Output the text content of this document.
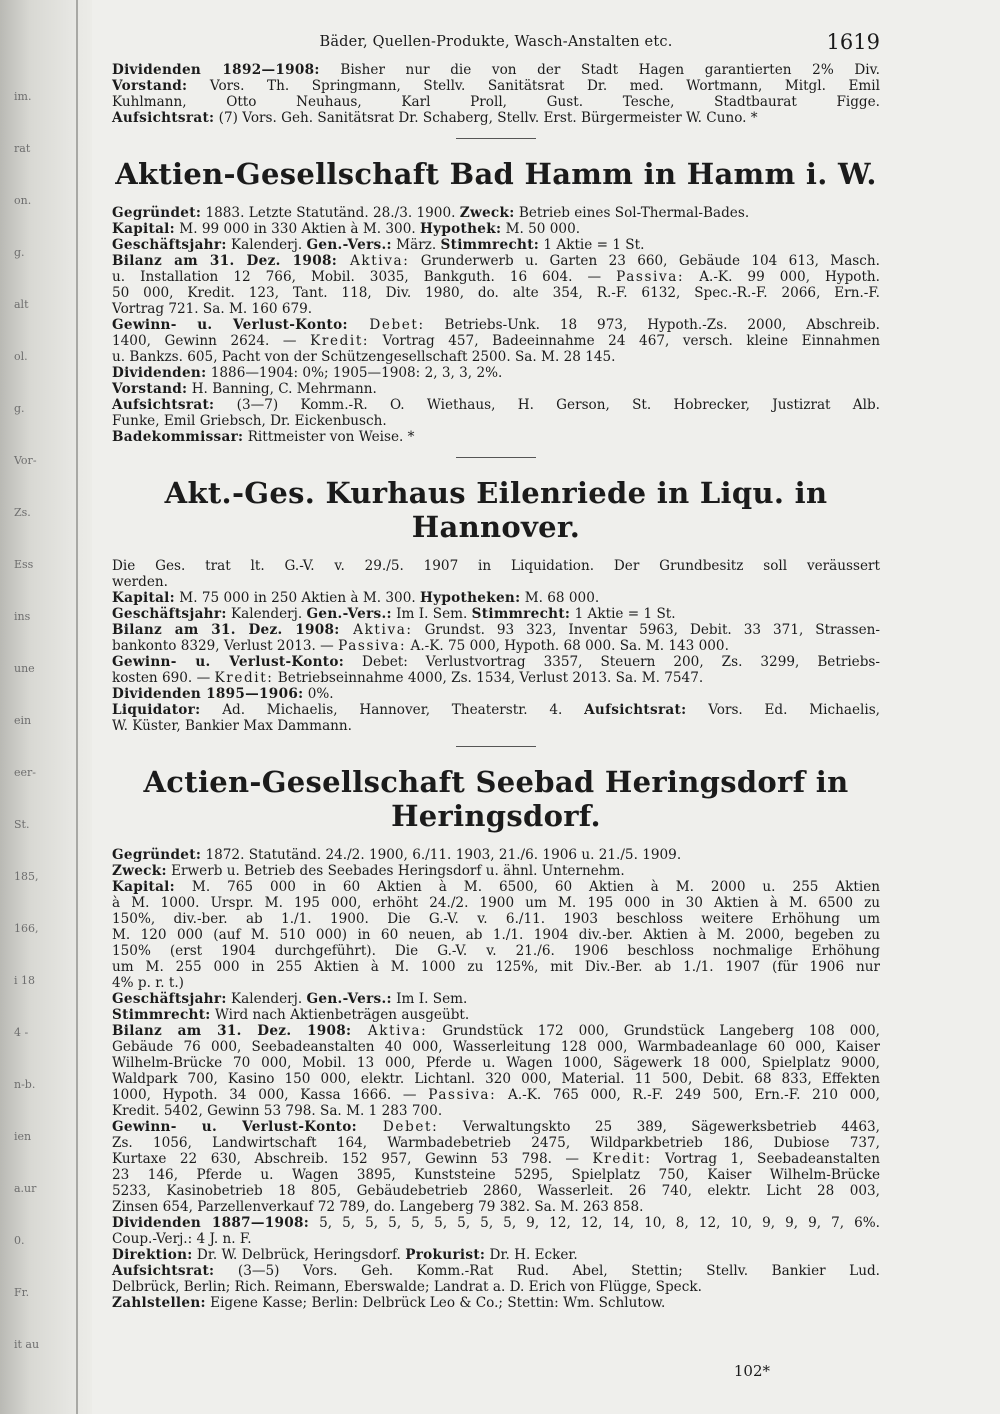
im.
rat
on.
g.
alt
ol.
g.
Vor-
Zs.
Ess
ins
une
ein
eer-
St.
185,
166,
i 18
4 -
n-b.
ien
a.ur
0.
Fr.
it au
Bäder, Quellen-Produkte, Wasch-Anstalten etc.	1619

Dividenden 1892—1908: Bisher nur die von der Stadt Hagen garantierten 2% Div.

Vorstand: Vors. Th. Springmann, Stellv. Sanitätsrat Dr. med. Wortmann, Mitgl. Emil

Kuhlmann, Otto Neuhaus, Karl Proll, Gust. Tesche, Stadtbaurat Figge.

Aufsichtsrat: (7) Vors. Geh. Sanitätsrat Dr. Schaberg, Stellv. Erst. Bürgermeister W. Cuno. *

Aktien-Gesellschaft Bad Hamm in Hamm i. W.

Gegründet: 1883. Letzte Statutänd. 28./3. 1900. Zweck: Betrieb eines Sol-Thermal-Bades.

Kapital: M. 99 000 in 330 Aktien à M. 300. Hypothek: M. 50 000.

Geschäftsjahr: Kalenderj. Gen.-Vers.: März. Stimmrecht: 1 Aktie = 1 St.

Bilanz am 31. Dez. 1908: Aktiva: Grunderwerb u. Garten 23 660, Gebäude 104 613, Masch.

u. Installation 12 766, Mobil. 3035, Bankguth. 16 604. — Passiva: A.-K. 99 000, Hypoth.

50 000, Kredit. 123, Tant. 118, Div. 1980, do. alte 354, R.-F. 6132, Spec.-R.-F. 2066, Ern.-F.

Vortrag 721. Sa. M. 160 679.

Gewinn- u. Verlust-Konto: Debet: Betriebs-Unk. 18 973, Hypoth.-Zs. 2000, Abschreib.

1400, Gewinn 2624. — Kredit: Vortrag 457, Badeeinnahme 24 467, versch. kleine Einnahmen

u. Bankzs. 605, Pacht von der Schützengesellschaft 2500. Sa. M. 28 145.

Dividenden: 1886—1904: 0%; 1905—1908: 2, 3, 3, 2%.

Vorstand: H. Banning, C. Mehrmann.

Aufsichtsrat: (3—7) Komm.-R. O. Wiethaus, H. Gerson, St. Hobrecker, Justizrat Alb.

Funke, Emil Griebsch, Dr. Eickenbusch.

Badekommissar: Rittmeister von Weise. *

Akt.-Ges. Kurhaus Eilenriede in Liqu. in Hannover.

Die Ges. trat lt. G.-V. v. 29./5. 1907 in Liquidation. Der Grundbesitz soll veräussert

werden.

Kapital: M. 75 000 in 250 Aktien à M. 300. Hypotheken: M. 68 000.

Geschäftsjahr: Kalenderj. Gen.-Vers.: Im I. Sem. Stimmrecht: 1 Aktie = 1 St.

Bilanz am 31. Dez. 1908: Aktiva: Grundst. 93 323, Inventar 5963, Debit. 33 371, Strassen-

bankonto 8329, Verlust 2013. — Passiva: A.-K. 75 000, Hypoth. 68 000. Sa. M. 143 000.

Gewinn- u. Verlust-Konto: Debet: Verlustvortrag 3357, Steuern 200, Zs. 3299, Betriebs-

kosten 690. — Kredit: Betriebseinnahme 4000, Zs. 1534, Verlust 2013. Sa. M. 7547.

Dividenden 1895—1906: 0%.

Liquidator: Ad. Michaelis, Hannover, Theaterstr. 4. Aufsichtsrat: Vors. Ed. Michaelis,

W. Küster, Bankier Max Dammann.

Actien-Gesellschaft Seebad Heringsdorf in Heringsdorf.

Gegründet: 1872. Statutänd. 24./2. 1900, 6./11. 1903, 21./6. 1906 u. 21./5. 1909.

Zweck: Erwerb u. Betrieb des Seebades Heringsdorf u. ähnl. Unternehm.

Kapital: M. 765 000 in 60 Aktien à M. 6500, 60 Aktien à M. 2000 u. 255 Aktien

à M. 1000. Urspr. M. 195 000, erhöht 24./2. 1900 um M. 195 000 in 30 Aktien à M. 6500 zu

150%, div.-ber. ab 1./1. 1900. Die G.-V. v. 6./11. 1903 beschloss weitere Erhöhung um

M. 120 000 (auf M. 510 000) in 60 neuen, ab 1./1. 1904 div.-ber. Aktien à M. 2000, begeben zu

150% (erst 1904 durchgeführt). Die G.-V. v. 21./6. 1906 beschloss nochmalige Erhöhung

um M. 255 000 in 255 Aktien à M. 1000 zu 125%, mit Div.-Ber. ab 1./1. 1907 (für 1906 nur

4% p. r. t.)

Geschäftsjahr: Kalenderj. Gen.-Vers.: Im I. Sem.

Stimmrecht: Wird nach Aktienbeträgen ausgeübt.

Bilanz am 31. Dez. 1908: Aktiva: Grundstück 172 000, Grundstück Langeberg 108 000,

Gebäude 76 000, Seebadeanstalten 40 000, Wasserleitung 128 000, Warmbadeanlage 60 000, Kaiser

Wilhelm-Brücke 70 000, Mobil. 13 000, Pferde u. Wagen 1000, Sägewerk 18 000, Spielplatz 9000,

Waldpark 700, Kasino 150 000, elektr. Lichtanl. 320 000, Material. 11 500, Debit. 68 833, Effekten

1000, Hypoth. 34 000, Kassa 1666. — Passiva: A.-K. 765 000, R.-F. 249 500, Ern.-F. 210 000,

Kredit. 5402, Gewinn 53 798. Sa. M. 1 283 700.

Gewinn- u. Verlust-Konto: Debet: Verwaltungskto 25 389, Sägewerksbetrieb 4463,

Zs. 1056, Landwirtschaft 164, Warmbadebetrieb 2475, Wildparkbetrieb 186, Dubiose 737,

Kurtaxe 22 630, Abschreib. 152 957, Gewinn 53 798. — Kredit: Vortrag 1, Seebadeanstalten

23 146, Pferde u. Wagen 3895, Kunststeine 5295, Spielplatz 750, Kaiser Wilhelm-Brücke

5233, Kasinobetrieb 18 805, Gebäudebetrieb 2860, Wasserleit. 26 740, elektr. Licht 28 003,

Zinsen 654, Parzellenverkauf 72 789, do. Langeberg 79 382. Sa. M. 263 858.

Dividenden 1887—1908: 5, 5, 5, 5, 5, 5, 5, 5, 5, 9, 12, 12, 14, 10, 8, 12, 10, 9, 9, 9, 7, 6%.

Coup.-Verj.: 4 J. n. F.

Direktion: Dr. W. Delbrück, Heringsdorf. Prokurist: Dr. H. Ecker.

Aufsichtsrat: (3—5) Vors. Geh. Komm.-Rat Rud. Abel, Stettin; Stellv. Bankier Lud.

Delbrück, Berlin; Rich. Reimann, Eberswalde; Landrat a. D. Erich von Flügge, Speck.

Zahlstellen: Eigene Kasse; Berlin: Delbrück Leo & Co.; Stettin: Wm. Schlutow.

102*
